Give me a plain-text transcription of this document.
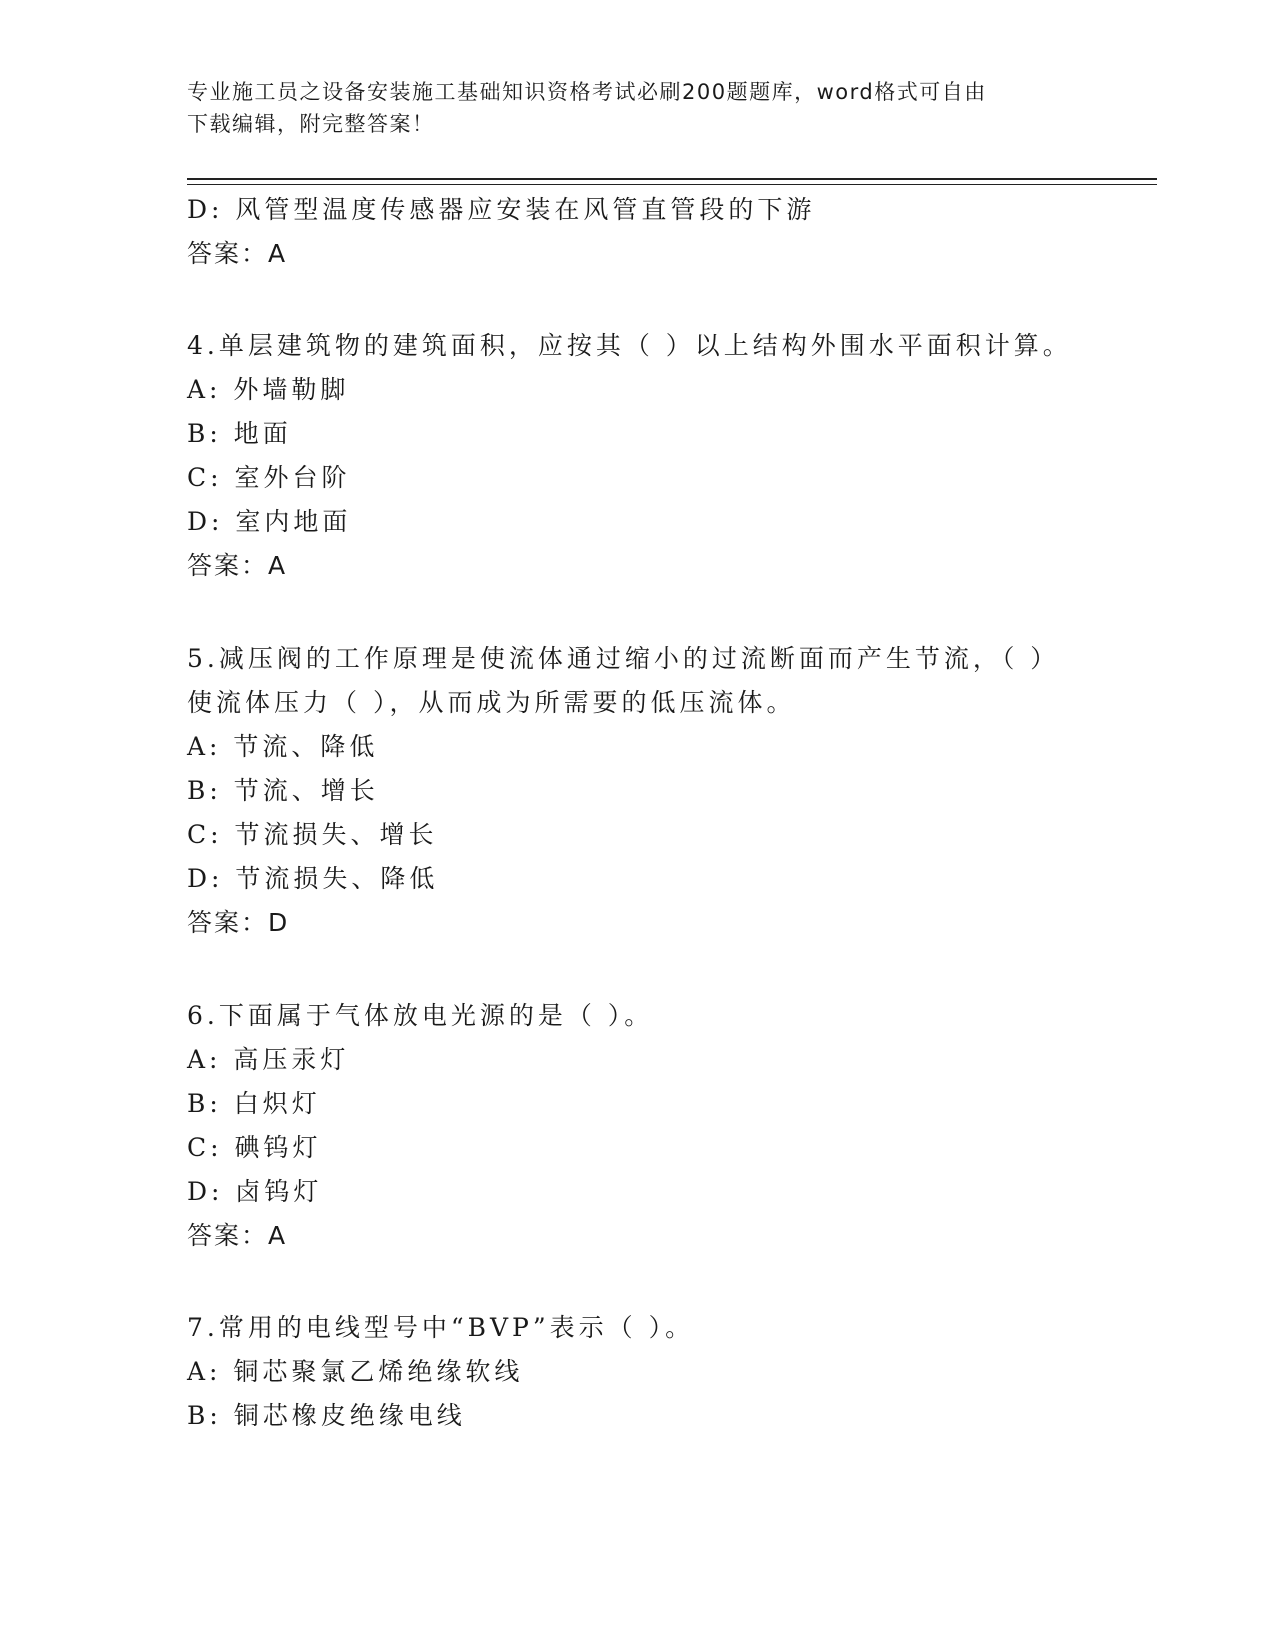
专业施工员之设备安装施工基础知识资格考试必刷200题题库，word格式可自由
下载编辑，附完整答案！
D: 风管型温度传感器应安装在风管直管段的下游
答案：A
4.单层建筑物的建筑面积，应按其（ ）以上结构外围水平面积计算。
A: 外墙勒脚
B: 地面
C: 室外台阶
D: 室内地面
答案：A
5.减压阀的工作原理是使流体通过缩小的过流断面而产生节流，（ ）
使流体压力（ ），从而成为所需要的低压流体。
A: 节流、降低
B: 节流、增长
C: 节流损失、增长
D: 节流损失、降低
答案：D
6.下面属于气体放电光源的是（ ）。
A: 高压汞灯
B: 白炽灯
C: 碘钨灯
D: 卤钨灯
答案：A
7.常用的电线型号中“BVP”表示（ ）。
A: 铜芯聚氯乙烯绝缘软线
B: 铜芯橡皮绝缘电线
